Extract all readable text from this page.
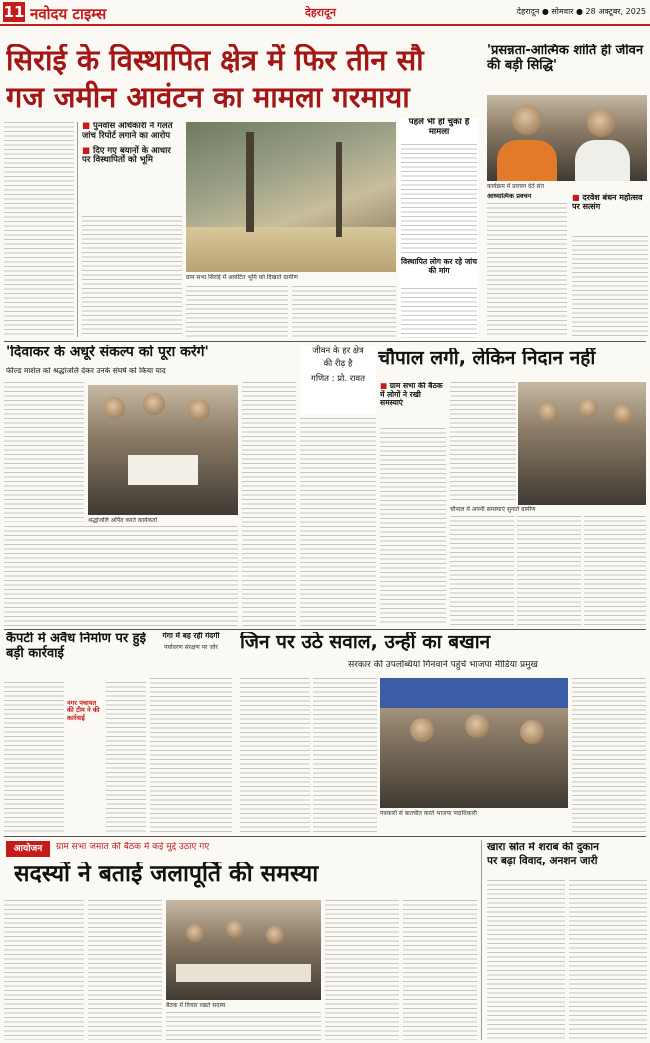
11 नवोदय टाइम्स	देहरादून	देहरादून ● सोमवार ● 28 अक्टूबर, 2025
सिरांई के विस्थापित क्षेत्र में फिर तीन सौ
गज जमीन आवंटन का मामला गरमाया
■ पुनर्वास अधिकारी ने गलत जांच रिपोर्ट लगाने का आरोप
■ दिए गए बयानों के आधार पर विस्थापितों को भूमि
ग्राम सभा सिरांई में आवंटित भूमि को दिखाते ग्रामीण
पहले भी हो चुका है मामला
विस्थापित लोग कर रहे जांच की मांग
'प्रसन्नता-आत्मिक शांति ही जीवन की बड़ी सिद्धि'
कार्यक्रम में प्रवचन देते संत
आध्यात्मिक प्रवचन	■ दरवेश बंधन महोत्सव पर सत्संग
'दिवाकर के अधूरे संकल्प को पूरा करेंगे'
फील्ड मार्शल को श्रद्धांजलि देकर उनके संघर्ष को किया याद
श्रद्धांजलि अर्पित करते कार्यकर्ता
जीवन के हर क्षेत्र
की रीढ़ है
गणित : प्रो. रावत
चौपाल लगी, लेकिन निदान नहीं
■ ग्राम सभा की बैठक में लोगों ने रखी समस्याएं
चौपाल में अपनी समस्याएं सुनाते ग्रामीण
कैंपटी में अवैध निर्माण पर हुई बड़ी कार्रवाई
नगर पंचायत की टीम ने की कार्रवाई
गंगा में बह रही गंदगी
पर्यावरण संरक्षण पर जोर	जिन पर उठे सवाल, उन्हीं का बखान
सरकार की उपलब्धियां गिनवाने पहुंचे भाजपा मीडिया प्रमुख
पत्रकारों से बातचीत करते भाजपा पदाधिकारी
आयोजन	ग्राम सभा जमात की बैठक में कई मुद्दे उठाए गए
सदस्यों ने बताई जलापूर्ति की समस्या
बैठक में विचार रखते सदस्य
खारा स्रोत में शराब की दुकान
पर बढ़ा विवाद, अनशन जारी
